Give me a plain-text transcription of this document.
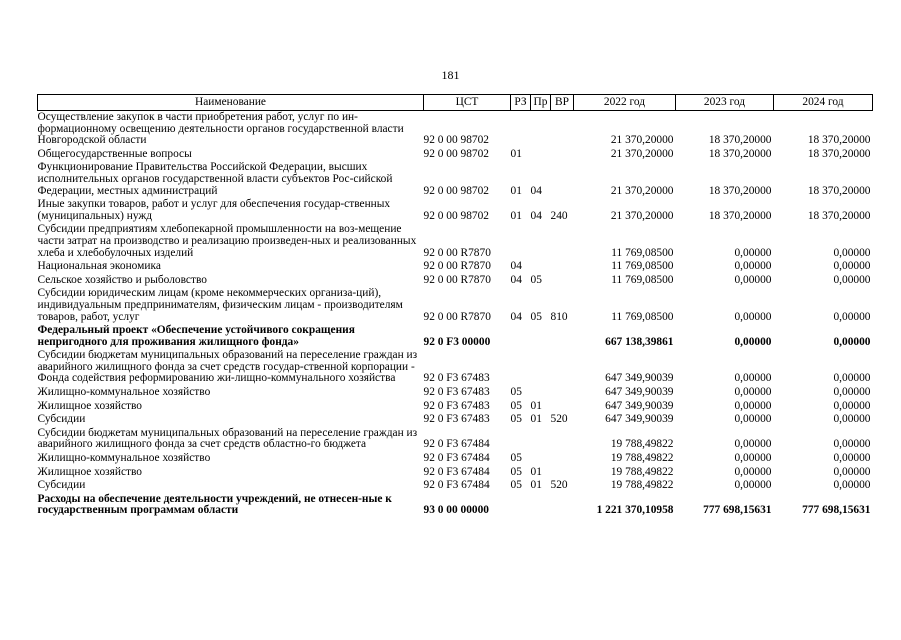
181
Наименование	ЦСТ	РЗ	Пр	ВР	2022 год	2023 год	2024 год
Осуществление закупок в части приобретения работ, услуг по ин-формационному освещению деятельности органов государственной власти Новгородской области	92 0 00 98702				21 370,20000	18 370,20000	18 370,20000
Общегосударственные вопросы	92 0 00 98702	01			21 370,20000	18 370,20000	18 370,20000
Функционирование Правительства Российской Федерации, высших исполнительных органов государственной власти субъектов Рос-сийской Федерации, местных администраций	92 0 00 98702	01	04		21 370,20000	18 370,20000	18 370,20000
Иные закупки товаров, работ и услуг для обеспечения государ-ственных (муниципальных) нужд	92 0 00 98702	01	04	240	21 370,20000	18 370,20000	18 370,20000
Субсидии предприятиям хлебопекарной промышленности на воз-мещение части затрат на производство и реализацию произведен-ных и реализованных хлеба и хлебобулочных изделий	92 0 00 R7870				11 769,08500	0,00000	0,00000
Национальная экономика	92 0 00 R7870	04			11 769,08500	0,00000	0,00000
Сельское хозяйство и рыболовство	92 0 00 R7870	04	05		11 769,08500	0,00000	0,00000
Субсидии юридическим лицам (кроме некоммерческих организа-ций), индивидуальным предпринимателям, физическим лицам - производителям товаров, работ, услуг	92 0 00 R7870	04	05	810	11 769,08500	0,00000	0,00000
Федеральный проект «Обеспечение устойчивого сокращения непригодного для проживания жилищного фонда»	92 0 F3 00000				667 138,39861	0,00000	0,00000
Субсидии бюджетам муниципальных образований на переселение граждан из аварийного жилищного фонда за счет средств государ-ственной корпорации - Фонда содействия реформированию жи-лищно-коммунального хозяйства	92 0 F3 67483				647 349,90039	0,00000	0,00000
Жилищно-коммунальное хозяйство	92 0 F3 67483	05			647 349,90039	0,00000	0,00000
Жилищное хозяйство	92 0 F3 67483	05	01		647 349,90039	0,00000	0,00000
Субсидии	92 0 F3 67483	05	01	520	647 349,90039	0,00000	0,00000
Субсидии бюджетам муниципальных образований на переселение граждан из аварийного жилищного фонда за счет средств областно-го бюджета	92 0 F3 67484				19 788,49822	0,00000	0,00000
Жилищно-коммунальное хозяйство	92 0 F3 67484	05			19 788,49822	0,00000	0,00000
Жилищное хозяйство	92 0 F3 67484	05	01		19 788,49822	0,00000	0,00000
Субсидии	92 0 F3 67484	05	01	520	19 788,49822	0,00000	0,00000
Расходы на обеспечение деятельности учреждений, не отнесен-ные к государственным программам области	93 0 00 00000				1 221 370,10958	777 698,15631	777 698,15631
